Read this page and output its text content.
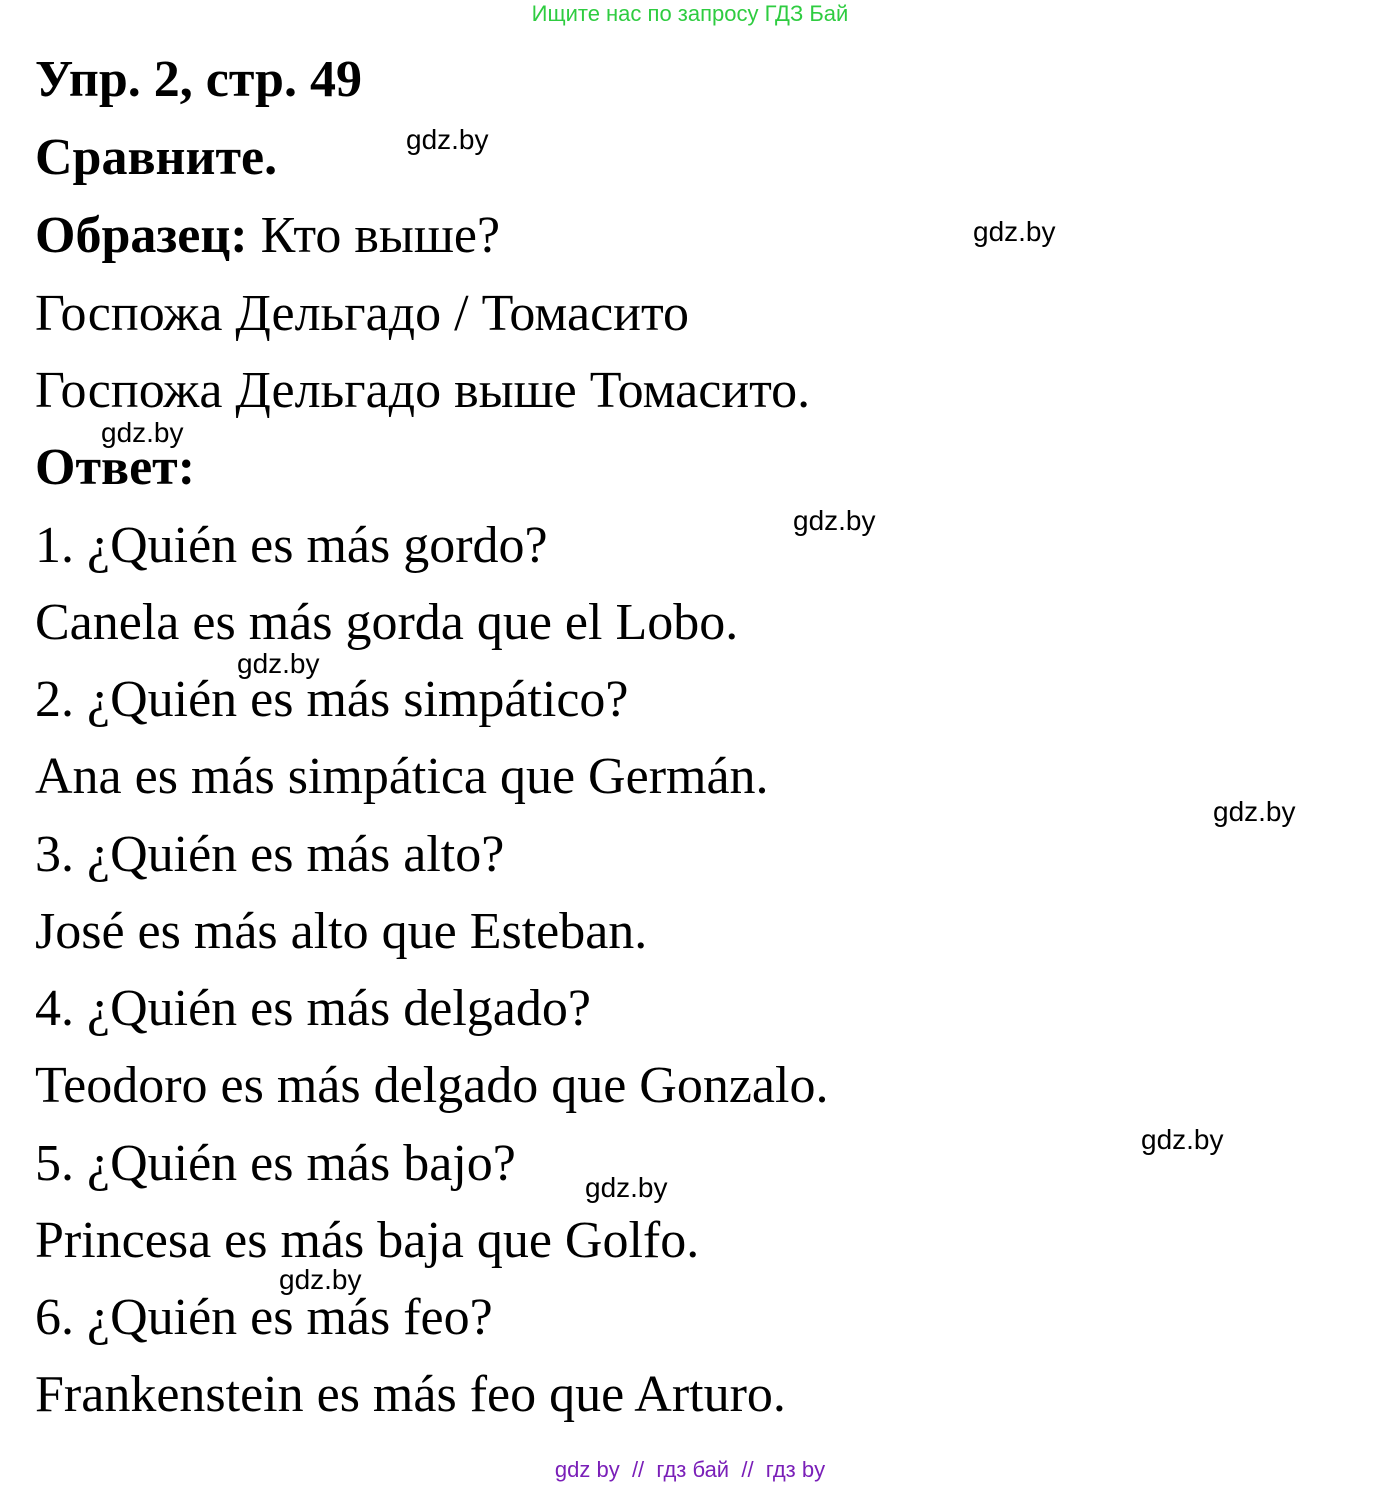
Ищите нас по запросу ГДЗ Бай
Упр. 2, стр. 49
Сравните.
Образец: Кто выше?
Госпожа Дельгадо / Томасито
Госпожа Дельгадо выше Томасито.
Ответ:
1. ¿Quién es más gordo?
Canela es más gorda que el Lobo.
2. ¿Quién es más simpático?
Ana es más simpática que Germán.
3. ¿Quién es más alto?
José es más alto que Esteban.
4. ¿Quién es más delgado?
Teodoro es más delgado que Gonzalo.
5. ¿Quién es más bajo?
Princesa es más baja que Golfo.
6. ¿Quién es más feo?
Frankenstein es más feo que Arturo.
gdz.by
gdz.by
gdz.by
gdz.by
gdz.by
gdz.by
gdz.by
gdz.by
gdz.by
gdz by  //  гдз бай  //  гдз by
